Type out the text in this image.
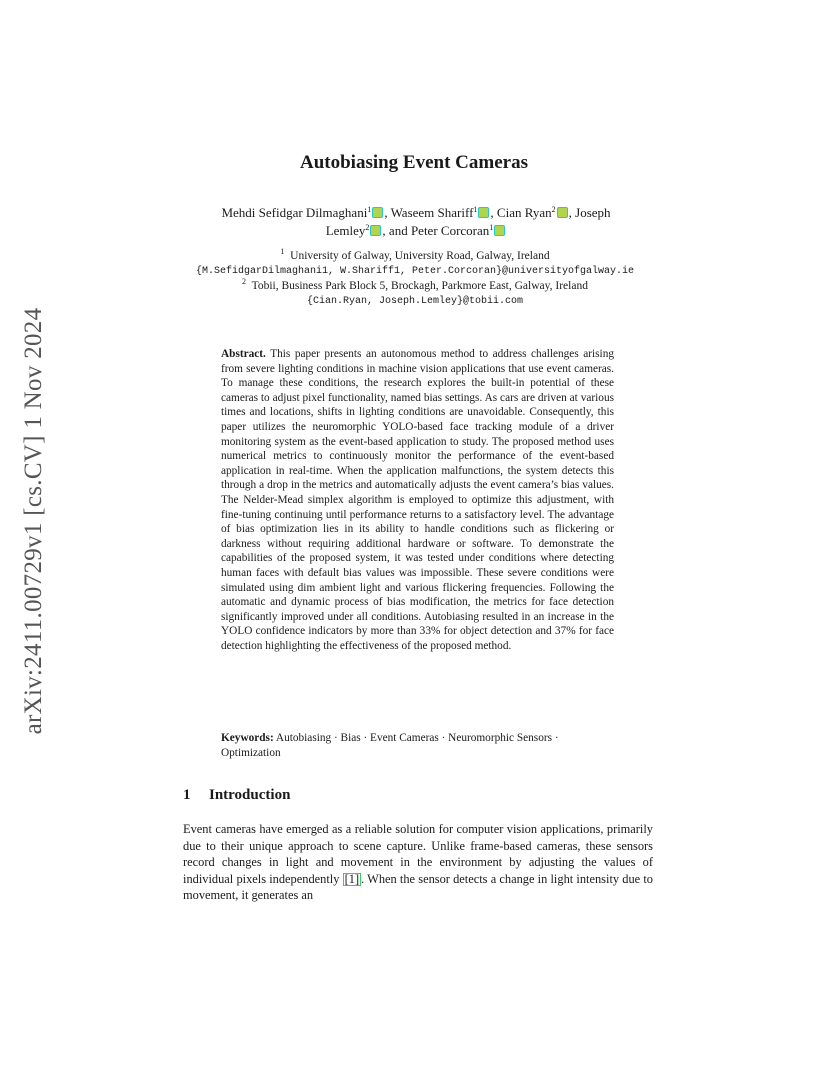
arXiv:2411.00729v1 [cs.CV] 1 Nov 2024
Autobiasing Event Cameras
Mehdi Sefidgar Dilmaghani$^1$ , Waseem Shariff$^1$ , Cian Ryan$^2$ , Joseph Lemley$^2$ , and Peter Corcoran$^1$
$^1$ University of Galway, University Road, Galway, Ireland
{M.SefidgarDilmaghani1, W.Shariff1, Peter.Corcoran}@universityofgalway.ie
$^2$ Tobii, Business Park Block 5, Brockagh, Parkmore East, Galway, Ireland
{Cian.Ryan, Joseph.Lemley}@tobii.com
Abstract. This paper presents an autonomous method to address challenges arising from severe lighting conditions in machine vision applications that use event cameras. To manage these conditions, the research explores the built-in potential of these cameras to adjust pixel functionality, named bias settings. As cars are driven at various times and locations, shifts in lighting conditions are unavoidable. Consequently, this paper utilizes the neuromorphic YOLO-based face tracking module of a driver monitoring system as the event-based application to study. The proposed method uses numerical metrics to continuously monitor the performance of the event-based application in real-time. When the application malfunctions, the system detects this through a drop in the metrics and automatically adjusts the event camera’s bias values. The Nelder-Mead simplex algorithm is employed to optimize this adjustment, with fine-tuning continuing until performance returns to a satisfactory level. The advantage of bias optimization lies in its ability to handle conditions such as flickering or darkness without requiring additional hardware or software. To demonstrate the capabilities of the proposed system, it was tested under conditions where detecting human faces with default bias values was impossible. These severe conditions were simulated using dim ambient light and various flickering frequencies. Following the automatic and dynamic process of bias modification, the metrics for face detection significantly improved under all conditions. Autobiasing resulted in an increase in the YOLO confidence indicators by more than 33% for object detection and 37% for face detection highlighting the effectiveness of the proposed method.
Keywords: Autobiasing · Bias · Event Cameras · Neuromorphic Sensors · Optimization
1 Introduction
Event cameras have emerged as a reliable solution for computer vision applications, primarily due to their unique approach to scene capture. Unlike frame-based cameras, these sensors record changes in light and movement in the environment by adjusting the values of individual pixels independently [1] . When the sensor detects a change in light intensity due to movement, it generates an
